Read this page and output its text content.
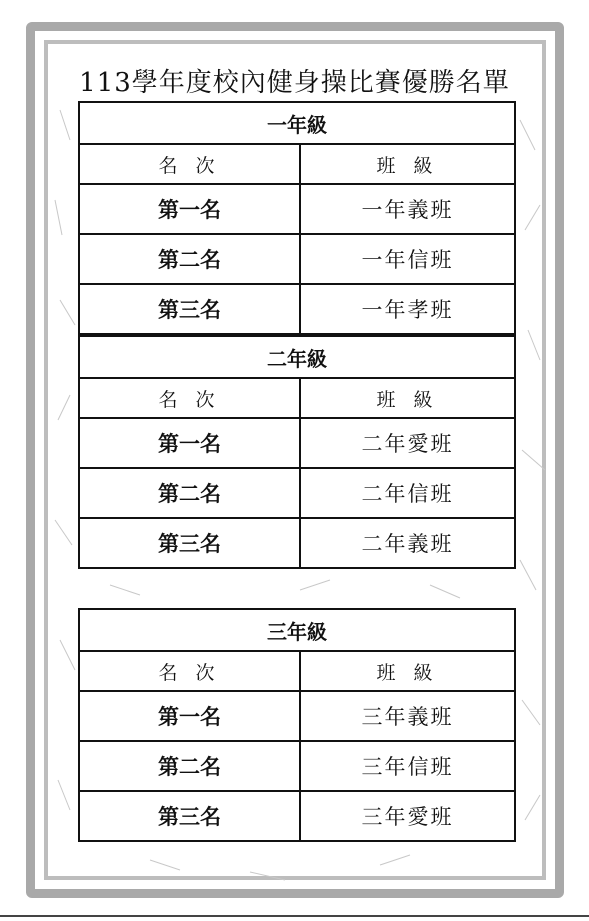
113學年度校內健身操比賽優勝名單
一年級	
名 次	班 級
第一名	一年義班
第二名	一年信班
第三名	一年孝班
二年級	
名 次	班 級
第一名	二年愛班
第二名	二年信班
第三名	二年義班
三年級	
名 次	班 級
第一名	三年義班
第二名	三年信班
第三名	三年愛班
